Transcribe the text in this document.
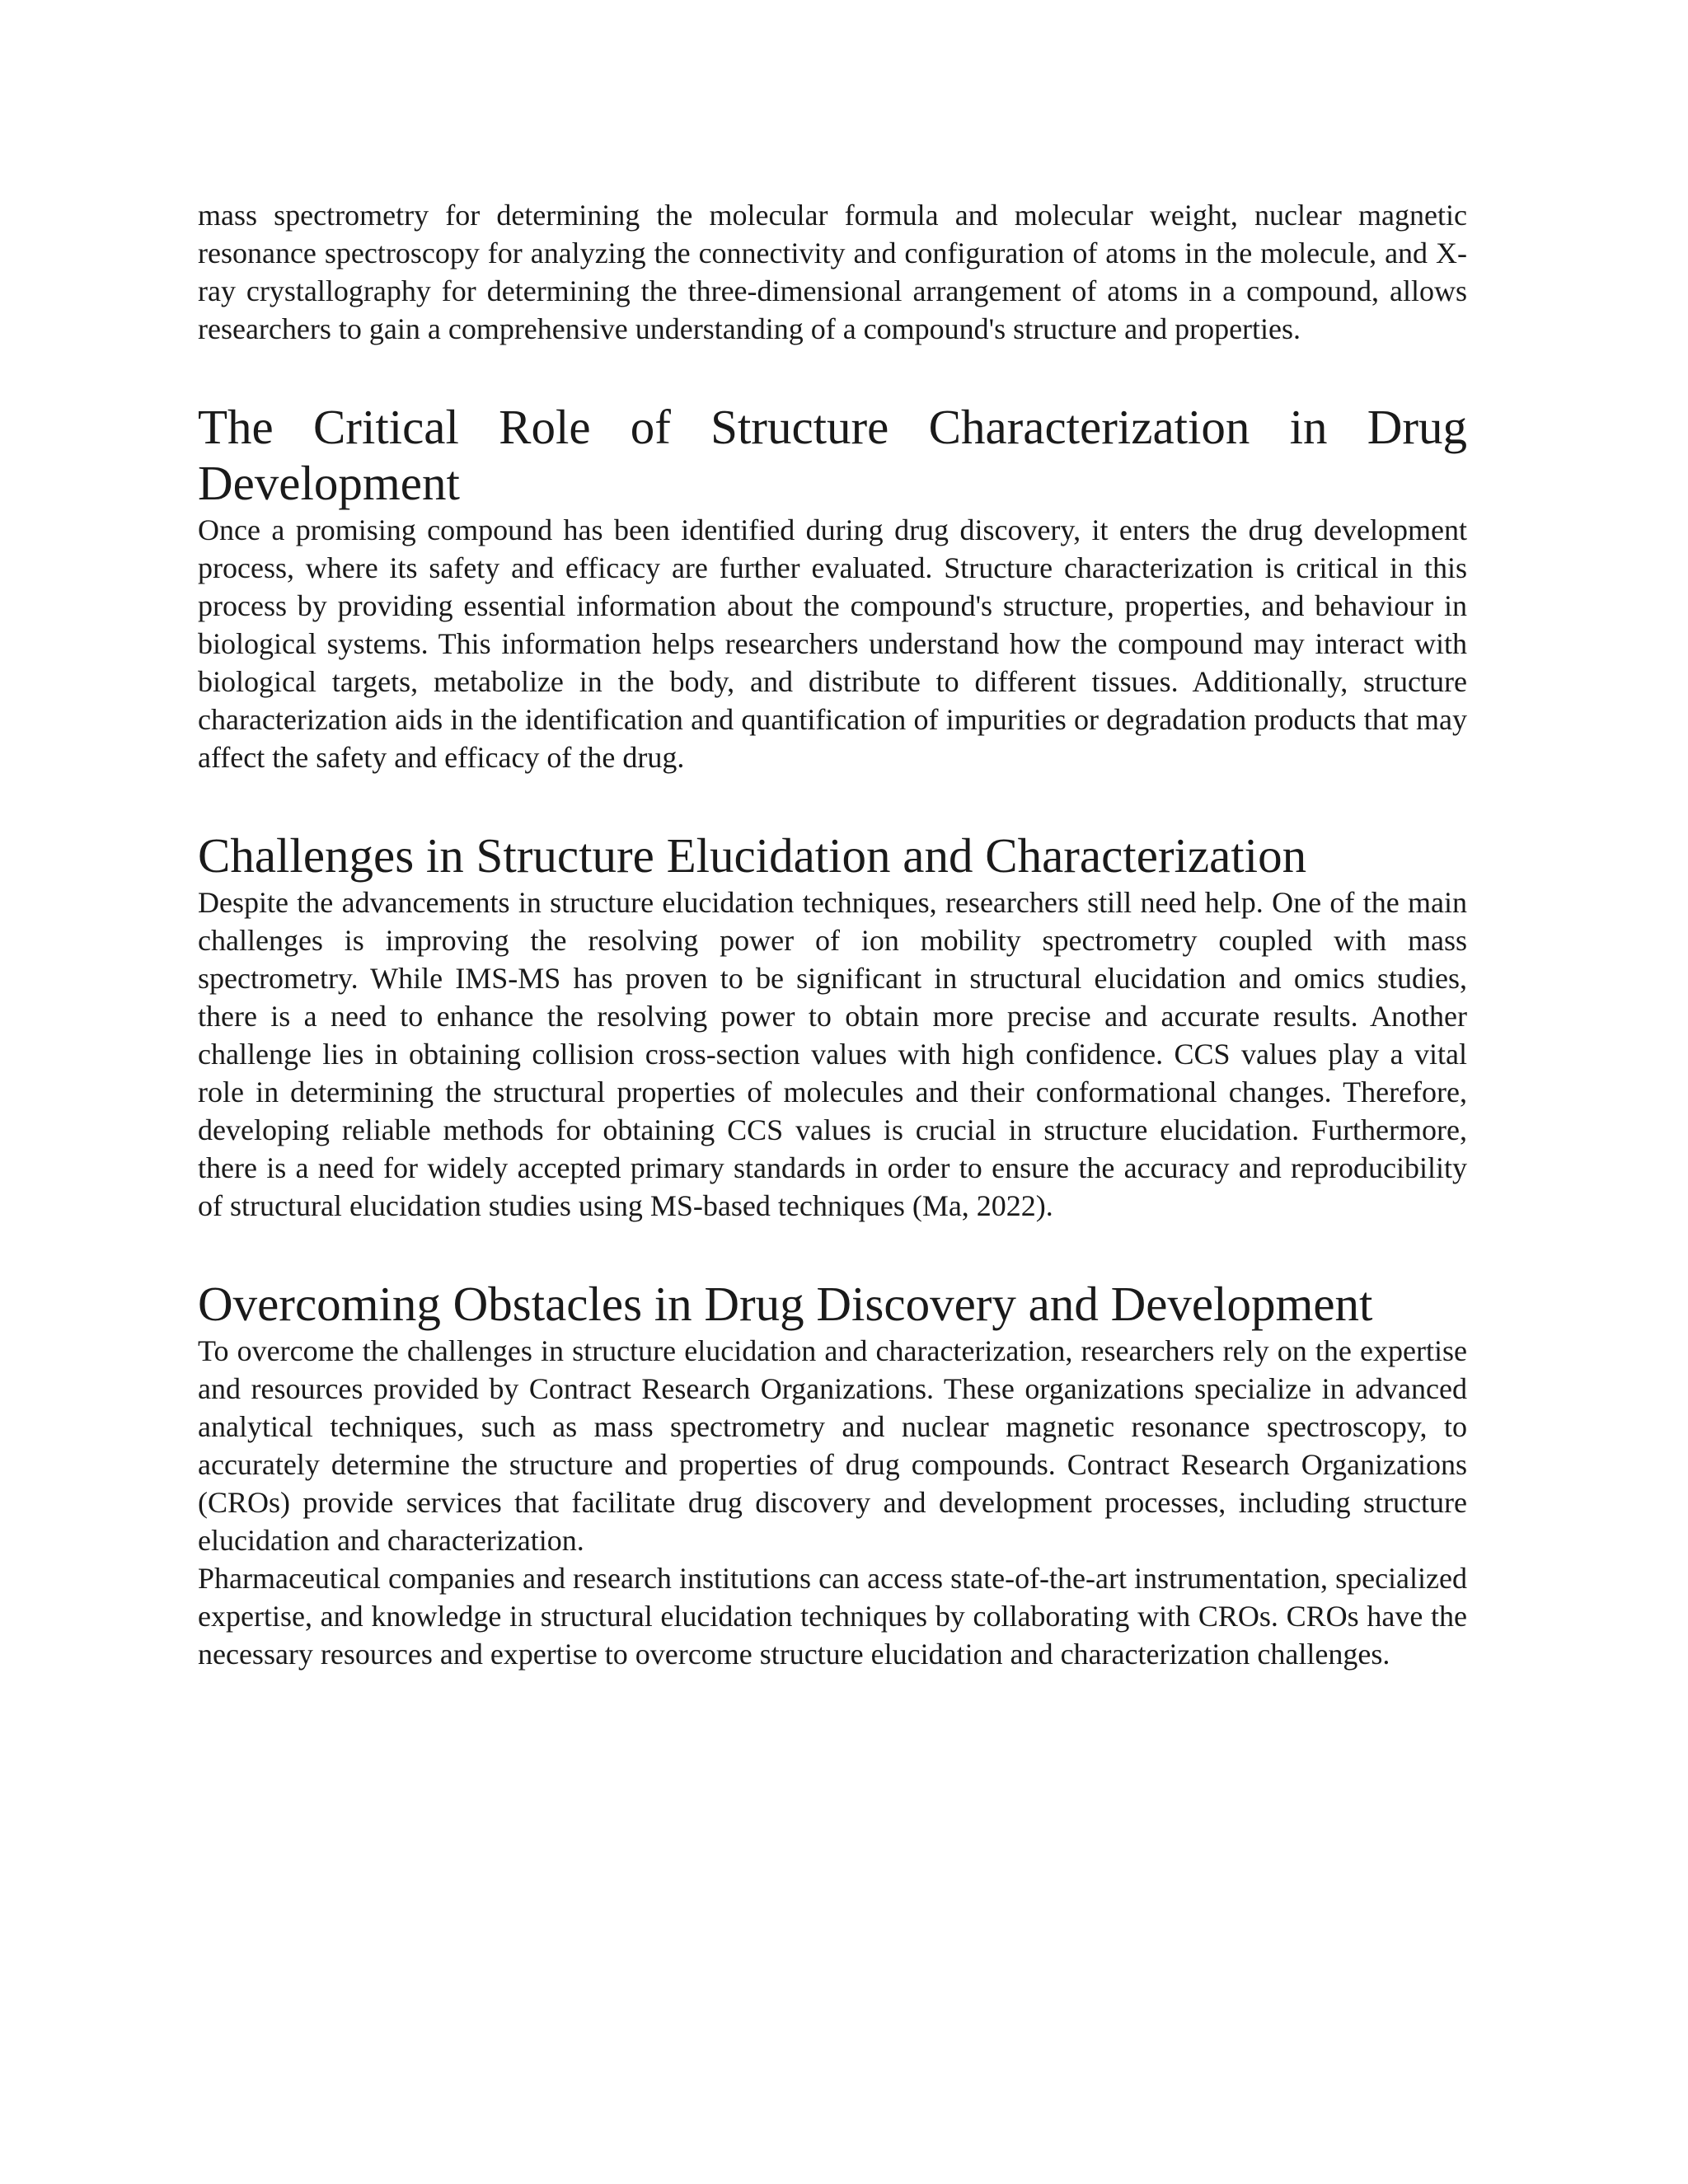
mass spectrometry for determining the molecular formula and molecular weight, nuclear magnetic resonance spectroscopy for analyzing the connectivity and configuration of atoms in the molecule, and X-ray crystallography for determining the three-dimensional arrangement of atoms in a compound, allows researchers to gain a comprehensive understanding of a compound's structure and properties.

The Critical Role of Structure Characterization in Drug Development

Once a promising compound has been identified during drug discovery, it enters the drug development process, where its safety and efficacy are further evaluated. Structure characterization is critical in this process by providing essential information about the compound's structure, properties, and behaviour in biological systems. This information helps researchers understand how the compound may interact with biological targets, metabolize in the body, and distribute to different tissues. Additionally, structure characterization aids in the identification and quantification of impurities or degradation products that may affect the safety and efficacy of the drug.

Challenges in Structure Elucidation and Characterization

Despite the advancements in structure elucidation techniques, researchers still need help. One of the main challenges is improving the resolving power of ion mobility spectrometry coupled with mass spectrometry. While IMS-MS has proven to be significant in structural elucidation and omics studies, there is a need to enhance the resolving power to obtain more precise and accurate results. Another challenge lies in obtaining collision cross-section values with high confidence. CCS values play a vital role in determining the structural properties of molecules and their conformational changes. Therefore, developing reliable methods for obtaining CCS values is crucial in structure elucidation. Furthermore, there is a need for widely accepted primary standards in order to ensure the accuracy and reproducibility of structural elucidation studies using MS-based techniques (Ma, 2022).

Overcoming Obstacles in Drug Discovery and Development

To overcome the challenges in structure elucidation and characterization, researchers rely on the expertise and resources provided by Contract Research Organizations. These organizations specialize in advanced analytical techniques, such as mass spectrometry and nuclear magnetic resonance spectroscopy, to accurately determine the structure and properties of drug compounds. Contract Research Organizations (CROs) provide services that facilitate drug discovery and development processes, including structure elucidation and characterization.

Pharmaceutical companies and research institutions can access state-of-the-art instrumentation, specialized expertise, and knowledge in structural elucidation techniques by collaborating with CROs. CROs have the necessary resources and expertise to overcome structure elucidation and characterization challenges.
